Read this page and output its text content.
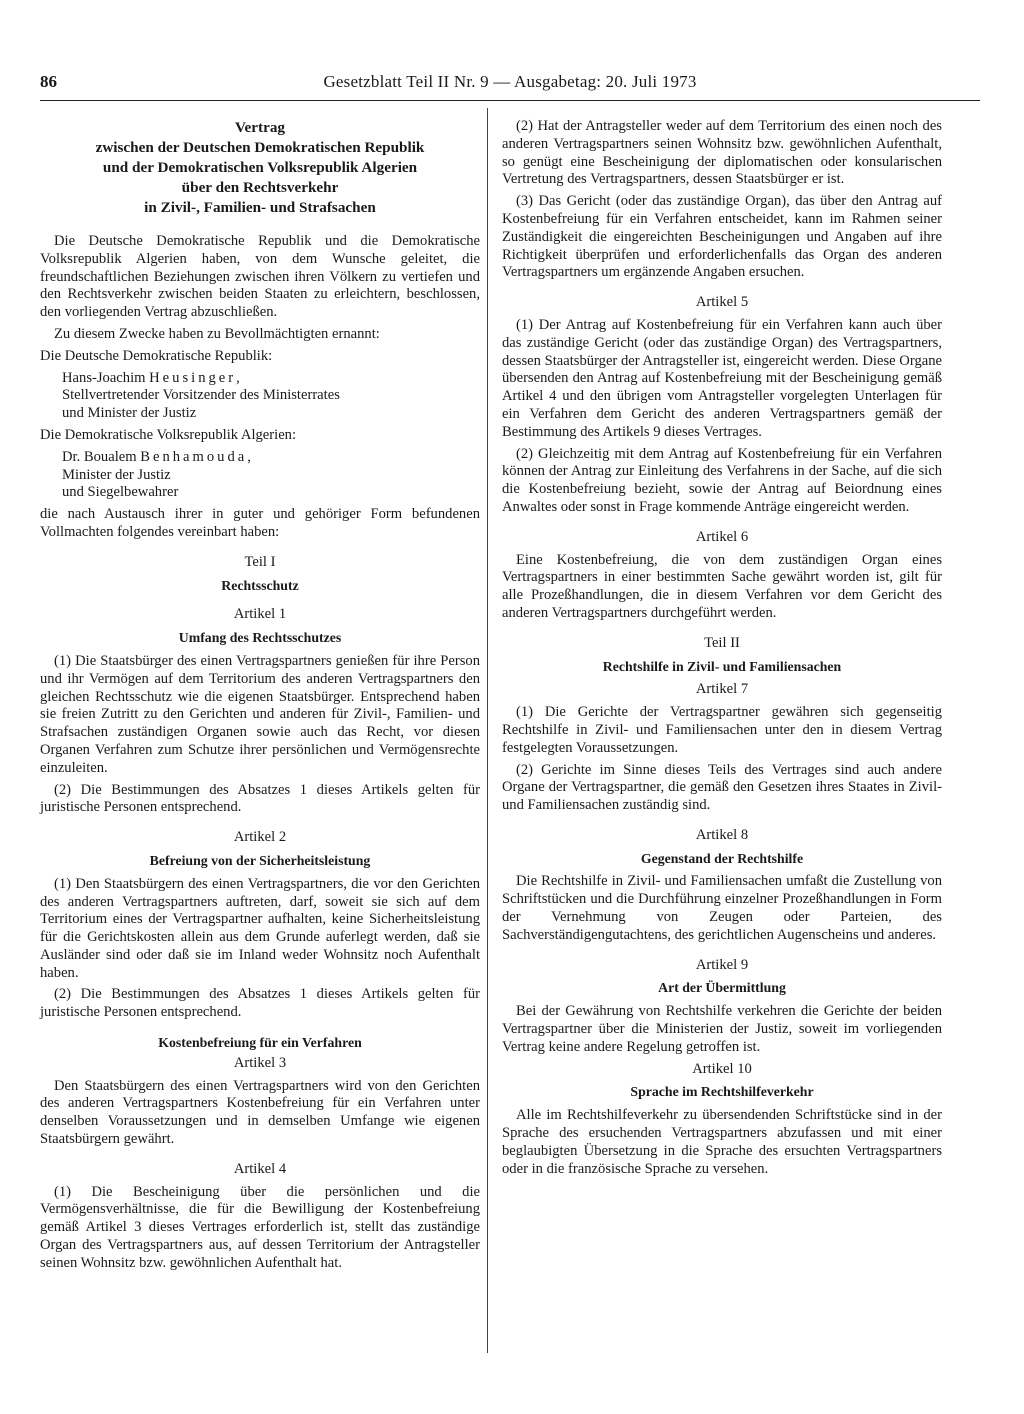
86	Gesetzblatt Teil II Nr. 9 — Ausgabetag: 20. Juli 1973
Vertrag
zwischen der Deutschen Demokratischen Republik
und der Demokratischen Volksrepublik Algerien
über den Rechtsverkehr
in Zivil-, Familien- und Strafsachen

Die Deutsche Demokratische Republik und die Demokratische Volksrepublik Algerien haben, von dem Wunsche geleitet, die freundschaftlichen Beziehungen zwischen ihren Völkern zu vertiefen und den Rechtsverkehr zwischen beiden Staaten zu erleichtern, beschlossen, den vorliegenden Vertrag abzuschließen.

Zu diesem Zwecke haben zu Bevollmächtigten ernannt:

Die Deutsche Demokratische Republik:

Hans-Joachim Heusinger,
Stellvertretender Vorsitzender des Ministerrates
und Minister der Justiz

Die Demokratische Volksrepublik Algerien:

Dr. Boualem Benhamouda,
Minister der Justiz
und Siegelbewahrer

die nach Austausch ihrer in guter und gehöriger Form befundenen Vollmachten folgendes vereinbart haben:

Teil I
Rechtsschutz
Artikel 1
Umfang des Rechtsschutzes

(1) Die Staatsbürger des einen Vertragspartners genießen für ihre Person und ihr Vermögen auf dem Territorium des anderen Vertragspartners den gleichen Rechtsschutz wie die eigenen Staatsbürger. Entsprechend haben sie freien Zutritt zu den Gerichten und anderen für Zivil-, Familien- und Strafsachen zuständigen Organen sowie auch das Recht, vor diesen Organen Verfahren zum Schutze ihrer persönlichen und Vermögensrechte einzuleiten.

(2) Die Bestimmungen des Absatzes 1 dieses Artikels gelten für juristische Personen entsprechend.

Artikel 2
Befreiung von der Sicherheitsleistung

(1) Den Staatsbürgern des einen Vertragspartners, die vor den Gerichten des anderen Vertragspartners auftreten, darf, soweit sie sich auf dem Territorium eines der Vertragspartner aufhalten, keine Sicherheitsleistung für die Gerichtskosten allein aus dem Grunde auferlegt werden, daß sie Ausländer sind oder daß sie im Inland weder Wohnsitz noch Aufenthalt haben.

(2) Die Bestimmungen des Absatzes 1 dieses Artikels gelten für juristische Personen entsprechend.

Kostenbefreiung für ein Verfahren
Artikel 3

Den Staatsbürgern des einen Vertragspartners wird von den Gerichten des anderen Vertragspartners Kostenbefreiung für ein Verfahren unter denselben Voraussetzungen und in demselben Umfange wie eigenen Staatsbürgern gewährt.

Artikel 4

(1) Die Bescheinigung über die persönlichen und die Vermögensverhältnisse, die für die Bewilligung der Kostenbefreiung gemäß Artikel 3 dieses Vertrages erforderlich ist, stellt das zuständige Organ des Vertragspartners aus, auf dessen Territorium der Antragsteller seinen Wohnsitz bzw. gewöhnlichen Aufenthalt hat.

(2) Hat der Antragsteller weder auf dem Territorium des einen noch des anderen Vertragspartners seinen Wohnsitz bzw. gewöhnlichen Aufenthalt, so genügt eine Bescheinigung der diplomatischen oder konsularischen Vertretung des Vertragspartners, dessen Staatsbürger er ist.

(3) Das Gericht (oder das zuständige Organ), das über den Antrag auf Kostenbefreiung für ein Verfahren entscheidet, kann im Rahmen seiner Zuständigkeit die eingereichten Bescheinigungen und Angaben auf ihre Richtigkeit überprüfen und erforderlichenfalls das Organ des anderen Vertragspartners um ergänzende Angaben ersuchen.

Artikel 5

(1) Der Antrag auf Kostenbefreiung für ein Verfahren kann auch über das zuständige Gericht (oder das zuständige Organ) des Vertragspartners, dessen Staatsbürger der Antragsteller ist, eingereicht werden. Diese Organe übersenden den Antrag auf Kostenbefreiung mit der Bescheinigung gemäß Artikel 4 und den übrigen vom Antragsteller vorgelegten Unterlagen für ein Verfahren dem Gericht des anderen Vertragspartners gemäß der Bestimmung des Artikels 9 dieses Vertrages.

(2) Gleichzeitig mit dem Antrag auf Kostenbefreiung für ein Verfahren können der Antrag zur Einleitung des Verfahrens in der Sache, auf die sich die Kostenbefreiung bezieht, sowie der Antrag auf Beiordnung eines Anwaltes oder sonst in Frage kommende Anträge eingereicht werden.

Artikel 6

Eine Kostenbefreiung, die von dem zuständigen Organ eines Vertragspartners in einer bestimmten Sache gewährt worden ist, gilt für alle Prozeßhandlungen, die in diesem Verfahren vor dem Gericht des anderen Vertragspartners durchgeführt werden.

Teil II
Rechtshilfe in Zivil- und Familiensachen
Artikel 7

(1) Die Gerichte der Vertragspartner gewähren sich gegenseitig Rechtshilfe in Zivil- und Familiensachen unter den in diesem Vertrag festgelegten Voraussetzungen.

(2) Gerichte im Sinne dieses Teils des Vertrages sind auch andere Organe der Vertragspartner, die gemäß den Gesetzen ihres Staates in Zivil- und Familiensachen zuständig sind.

Artikel 8
Gegenstand der Rechtshilfe

Die Rechtshilfe in Zivil- und Familiensachen umfaßt die Zustellung von Schriftstücken und die Durchführung einzelner Prozeßhandlungen in Form der Vernehmung von Zeugen oder Parteien, des Sachverständigengutachtens, des gerichtlichen Augenscheins und anderes.

Artikel 9
Art der Übermittlung

Bei der Gewährung von Rechtshilfe verkehren die Gerichte der beiden Vertragspartner über die Ministerien der Justiz, soweit im vorliegenden Vertrag keine andere Regelung getroffen ist.

Artikel 10
Sprache im Rechtshilfeverkehr

Alle im Rechtshilfeverkehr zu übersendenden Schriftstücke sind in der Sprache des ersuchenden Vertragspartners abzufassen und mit einer beglaubigten Übersetzung in die Sprache des ersuchten Vertragspartners oder in die französische Sprache zu versehen.
